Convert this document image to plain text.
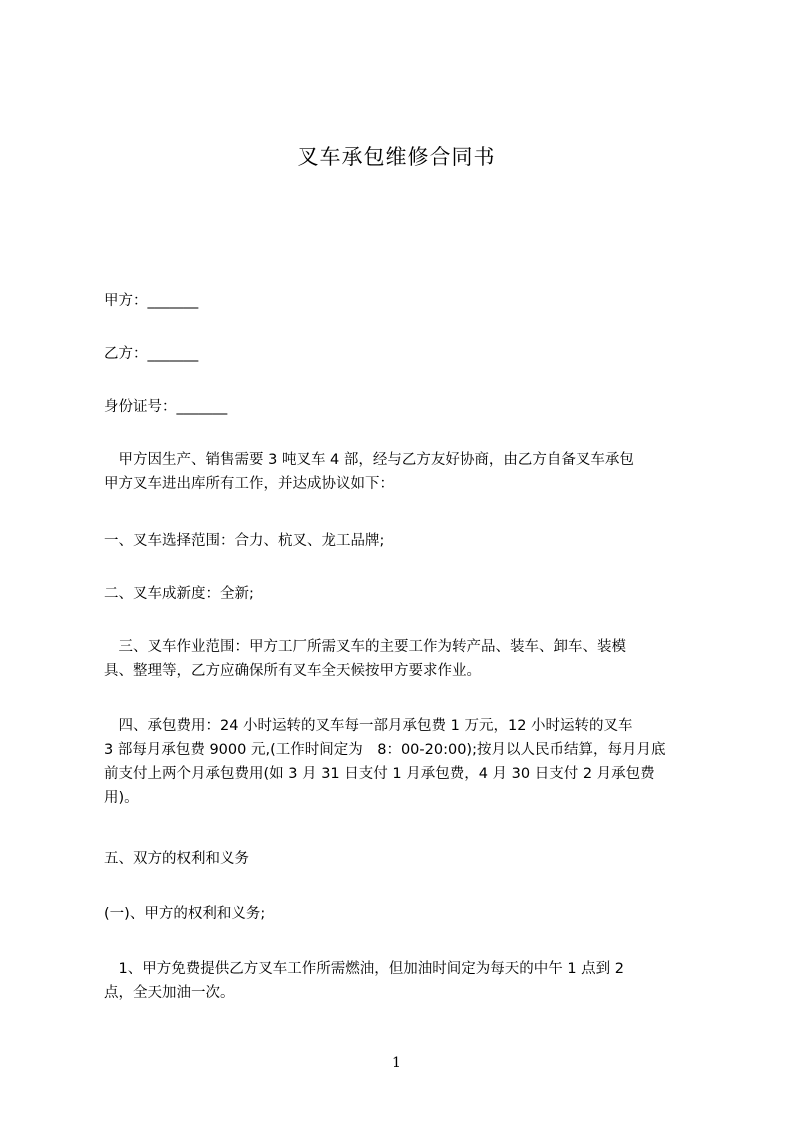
叉车承包维修合同书

甲方：_______

乙方：_______

身份证号：_______

　甲方因生产、销售需要 3 吨叉车 4 部，经与乙方友好协商，由乙方自备叉车承包
甲方叉车进出库所有工作，并达成协议如下：

一、叉车选择范围：合力、杭叉、龙工品牌;

二、叉车成新度：全新;

　三、叉车作业范围：甲方工厂所需叉车的主要工作为转产品、装车、卸车、装模
具、整理等，乙方应确保所有叉车全天候按甲方要求作业。
　四、承包费用：24 小时运转的叉车每一部月承包费 1 万元，12 小时运转的叉车
3 部每月承包费 9000 元,(工作时间定为　8：00-20:00);按月以人民币结算，每月月底
前支付上两个月承包费用(如 3 月 31 日支付 1 月承包费，4 月 30 日支付 2 月承包费
用)。

五、双方的权利和义务

(一)、甲方的权利和义务;

　1、甲方免费提供乙方叉车工作所需燃油，但加油时间定为每天的中午 1 点到 2
点，全天加油一次。
1
